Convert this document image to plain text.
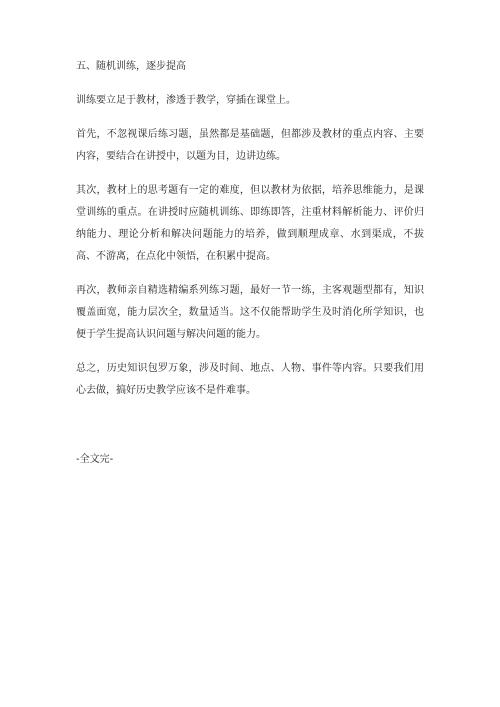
五、随机训练，逐步提高
训练要立足于教材，渗透于教学，穿插在课堂上。
首先，不忽视课后练习题，虽然都是基础题，但都涉及教材的重点内容、主要
内容，要结合在讲授中，以题为目，边讲边练。
其次，教材上的思考题有一定的难度，但以教材为依据，培养思维能力，是课
堂训练的重点。在讲授时应随机训练、即练即答，注重材料解析能力、评价归
纳能力、理论分析和解决问题能力的培养，做到顺理成章、水到渠成，不拔
高、不游离，在点化中领悟，在积累中提高。
再次，教师亲自精选精编系列练习题，最好一节一练，主客观题型都有，知识
覆盖面宽，能力层次全，数量适当。这不仅能帮助学生及时消化所学知识，也
便于学生提高认识问题与解决问题的能力。
总之，历史知识包罗万象，涉及时间、地点、人物、事件等内容。只要我们用
心去做，搞好历史教学应该不是件难事。
-全文完-
